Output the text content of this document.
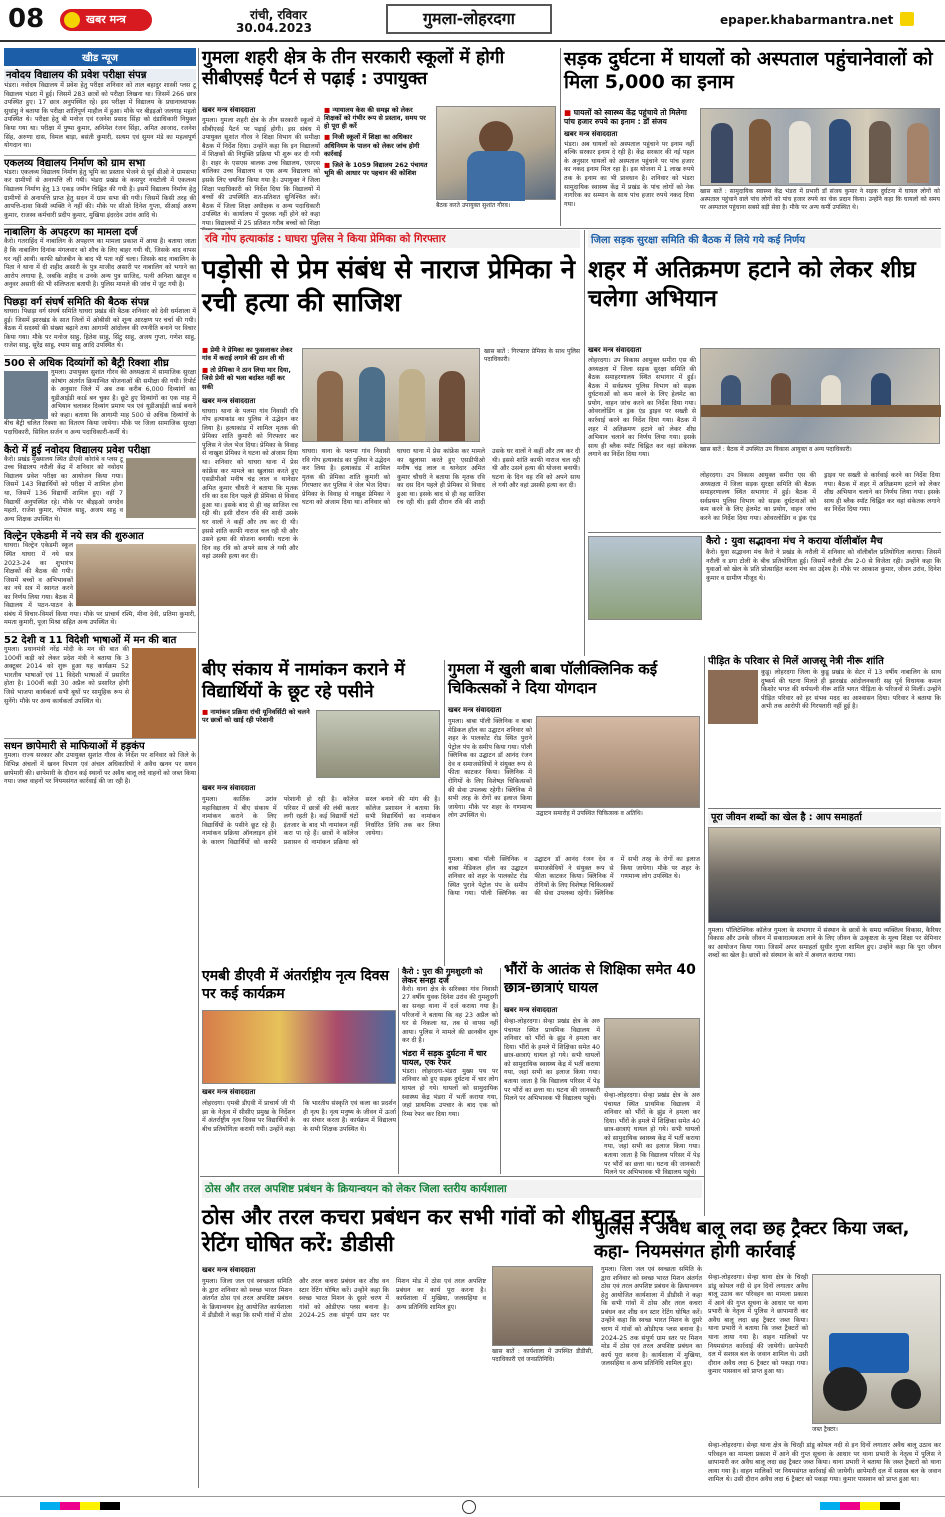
08	खबर मन्त्र	रांची, रविवार
30.04.2023	गुमला-लोहरदगा	epaper.khabarmantra.net
खीड न्यूज
नवोदय विद्यालय की प्रवेश परीक्षा संपन्न
भंडरा। नवोदय विद्यालय में प्रवेश हेतु परीक्षा शनिवार को ताल बहादुर शास्त्री प्लस टू विद्यालय भंडरा में हुई। जिसमें 283 छात्रों को परीक्षा लिखना था। जिसमें 266 छात्र उपस्थित हुए। 17 छात्र अनुपस्थित रहे। इस परीक्षा में विद्यालय के प्रधानाध्यापक सुधांशु ने बताया कि परीक्षा शांतिपूर्ण माहौल में हुआ। मौके पर बीइइओ जलगाह महतो उपस्थित थे। परीक्षा हेतु बी मनोज एवं रजनेश प्रसाद सिंहा को दंडाधिकारी नियुक्त किया गया था। परीक्षा में पुष्पा कुमार, अनिमेश रंजन सिंहा, अमित आजाद, रजनेश सिंह, अरुणा दास, विमल बाड़ा, बसंती कुमारी, सत्यम एवं सुमन मंडे का महत्वपूर्ण योगदान था।
एकलव्य विद्यालय निर्माण को ग्राम सभा
भंडरा। एकलव्य विद्यालय निर्माण हेतु भूमि का प्रस्ताव भेजने से पूर्व सीओ ने ग्रामसभा कर ग्रामीणों से अनापत्ति ली गयी। भंडरा प्रखंड के कसपुर नवटोली में एकलव्य विद्यालय निर्माण हेतु 13 एकड़ जमीन चिह्नित की गयी है। इसमें विद्यालय निर्माण हेतु ग्रामीणों से अनापत्ति प्राप्त हेतु सदन में ग्राम सभा की गयी। जिसमें किसी तरह की आपत्ति-दावा किसी व्यक्ति ने नहीं की। मौके पर सीओ दिनेश गुप्ता, सीआई अरुण कुमार, राजस्व कर्मचारी प्रदीप कुमार, मुखिया इंदरदेव उरांव आदि थे।
नाबालिग के अपहरण का मामला दर्ज
कैरो। गतराहिंद में नाबालिग के अपहरण का मामला प्रकाश में आया है। बताया जाता है कि नाबालिग दिनांक मंगलवार को शौच के लिए बाहर गयी थी, जिसके बाद वापस घर नहीं आयी। काफी खोजबीन के बाद भी पता नहीं चला। जिसके बाद नाबालिग के पिता ने थाना में दी शहीद असारी के पुत्र माजीद असारी पर नाबालिग को भगाने का आरोप लगाया है, जबकि शहीद व उनके अन्य पुत्र साजिद, पत्नी अनिशा खातून व अनुवर असारी की भी संलिप्तता बतायी है। पुलिस मामले की जांच में जुट गयी है।
पिछड़ा वर्ग संघर्ष समिति की बैठक संपन्न
घाघरा। पिछड़ा वर्ग संघर्ष समिति घाघरा प्रखंड की बैठक शनिवार को देवी धर्मशाला में हुई। जिसमें झारखंड के सात जिलों में ओबीसी को शून्य आरक्षण पर चर्चा की गयी। बैठक में सदस्यों की संख्या बढ़ाने तथा आगामी आंदोलन की रणनीति बनाने पर विचार किया गया। मौके पर मनोज साहु, हितेश साहु, सिंटु साहु, अजय गुप्ता, गणेश साहु, राजेश साहु, सुरेंद्र साहु, श्याम साहु आदि उपस्थित थे।
500 से अधिक दिव्यांगों को बैट्री रिक्शा शीघ्र
गुमला। उपायुक्त सुशांत गौरव की अध्यक्षता में सामाजिक सुरक्षा कोषांग अंतर्गत क्रियान्वित योजनाओं की समीक्षा की गयी। रिपोर्ट के अनुसार जिले में अब तक करीब 6,000 दिव्यांगों का यूडीआईडी कार्ड बन चुका है। छूटे हुए दिव्यांगों का एक माह में अभियान चलाकर दिव्यांग प्रमाण पत्र एवं यूडीआईडी कार्ड बनाने को कहा। बताया कि आगामी माह 500 से अधिक दिव्यांगों के बीच बैट्री चलित रिक्शा का वितरण किया जायेगा। मौके पर जिला सामाजिक सुरक्षा पदाधिकारी, सिविल सर्जन व अन्य पदाधिकारी-कर्मी थे।
कैरो में हुई नवोदय विद्यालय प्रवेश परीक्षा
कैरो। प्रखंड मुख्यालय स्थित डीएवी कोरांबे व प्लस टू उच्च विद्यालय नरौली केंद्र में शनिवार को नवोदय विद्यालय प्रवेश परीक्षा का आयोजन किया गया। जिसमें 143 विद्यार्थियों को परीक्षा में शामिल होना था, जिसमें 136 विद्यार्थी शामिल हुए। वहीं 7 विद्यार्थी अनुपस्थित रहे। मौके पर बीइइओ जगदेव महतो, राजेश कुमार, गोपाल साहु, अजय साहु व अन्य शिक्षक उपस्थित थे।
विल्ट्रेन एकेडमी में नये सत्र की शुरुआत
घाघरा। विल्ट्रेन एकेडमी स्कूल स्थित घाघरा में नये सत्र 2023-24 का शुभारंभ शिक्षकों की बैठक की गयी। जिसमें बच्चों व अभिभावकों का नये सत्र में स्वागत करने का निर्णय लिया गया। बैठक में विद्यालय में पठन-पाठन के संबंध में विचार-विमर्श किया गया। मौके पर प्राचार्य रश्मि, मीना देवी, प्रतिमा कुमारी, ममता कुमारी, पूजा मिश्रा सहित अन्य उपस्थित थे।
52 देशी व 11 विदेशी भाषाओं में मन की बात
गुमला। प्रधानमंत्री नरेंद्र मोदी के मन की बात की 100वीं कड़ी को लेकर प्रदेश मंत्री ने बताया कि 3 अक्टूबर 2014 को शुरू हुआ यह कार्यक्रम 52 भारतीय भाषाओं एवं 11 विदेशी भाषाओं में प्रसारित होता है। 100वीं कड़ी 30 अप्रैल को प्रसारित होगी जिसे भाजपा कार्यकर्ता सभी बूथों पर सामूहिक रूप से सुनेंगे। मौके पर अन्य कार्यकर्ता उपस्थित थे।
सधन छापेमारी से माफियाओं में हड़कंप
गुमला। राज्य सरकार और उपायुक्त सुशांत गौरव के निर्देश पर शनिवार को जिले के विभिन्न अंचलों में खनन विभाग एवं अंचल अधिकारियों ने अवैध खनन पर सघन छापेमारी की। छापेमारी के दौरान कई स्थानों पर अवैध बालू लदे वाहनों को जब्त किया गया। जब्त वाहनों पर नियमसंगत कार्रवाई की जा रही है।
गुमला शहरी क्षेत्र के तीन सरकारी स्कूलों में होगी सीबीएसई पैटर्न से पढ़ाई : उपायुक्त
खबर मन्त्र संवाददाता
गुमला। गुमला शहरी क्षेत्र के तीन सरकारी स्कूलों में सीबीएसई पैटर्न पर पढ़ाई होगी। इस संबंध में उपायुक्त सुशांत गौरव ने शिक्षा विभाग की समीक्षा बैठक में निर्देश दिया। उन्होंने कहा कि इन विद्यालयों में शिक्षकों की नियुक्ति प्रक्रिया भी शुरू कर दी गयी है। शहर के एसएस बालक उच्च विद्यालय, एसएस बालिका उच्च विद्यालय व एक अन्य विद्यालय को इसके लिए चयनित किया गया है। उपायुक्त ने जिला शिक्षा पदाधिकारी को निर्देश दिया कि विद्यालयों में बच्चों की उपस्थिति शत-प्रतिशत सुनिश्चित करें। बैठक में जिला शिक्षा अधीक्षक व अन्य पदाधिकारी उपस्थित थे। कार्यालय में पुस्तक नहीं होने को कहा गया। विद्यालयों में 25 प्रतिशत गरीब बच्चों को शिक्षा
■ न्यायालय केस की समझ को लेकर शिक्षकों को गंभीर रूप से प्रस्ताव, समय पर हो पूरा ही करें
■ निजी स्कूलों में शिक्षा का अधिकार अधिनियम के पालन को लेकर जांच होगी कार्रवाई
■ जिले के 1059 विद्यालय 262 पंचायत भूमि की आधार पर पहचान की कोशिश
बैठक करते उपायुक्त सुशांत गौरव।
सड़क दुर्घटना में घायलों को अस्पताल पहुंचानेवालों को मिला 5,000 का इनाम
■ घायलों को स्वास्थ्य केंद्र पहुंचाये तो मिलेगा पांच हजार रुपये का इनाम : डॉ संजय
खबर मन्त्र संवाददाता
भंडरा। अब घायलों को अस्पताल पहुंचाने पर इनाम नहीं बल्कि सरकार इनाम दे रही है। केंद्र सरकार की नई पहल के अनुसार घायलों को अस्पताल पहुंचाने पर पांच हजार का नकद इनाम मिल रहा है। इस योजना में 1 लाख रुपये तक के इनाम का भी प्रावधान है। शनिवार को भंडरा सामुदायिक स्वास्थ्य केंद्र में प्रखंड के पांच लोगों को नेक नागरिक का सम्मान के साथ पांच हजार रुपये नकद दिया गया।
खास बातें : सामुदायिक स्वास्थ्य केंद्र भंडरा में प्रभारी डॉ संजय कुमार ने सड़क दुर्घटना में घायल लोगों को अस्पताल पहुंचाने वाले पांच लोगों को पांच हजार रुपये का चेक प्रदान किया। उन्होंने कहा कि घायलों को समय पर अस्पताल पहुंचाना सबसे बड़ी सेवा है। मौके पर अन्य कर्मी उपस्थित थे।
रवि गोप हत्याकांड : घाघरा पुलिस ने किया प्रेमिका को गिरफ्तार
पड़ोसी से प्रेम संबंध से नाराज प्रेमिका ने रची हत्या की साजिश
■ प्रेमी ने प्रेमिका का फुसलाकर लेकर गांव में कराई लगाने की ठान ली थी
■ तो प्रेमिका ने ठान लिया मार दिया, जिसे प्रेमी को भला बर्दाश्त नहीं कर सकी
खबर मन्त्र संवाददाता
घाघरा। थाना के पलमा गांव निवासी रवि गोप हत्याकांड का पुलिस ने उद्भेदन कर लिया है। हत्याकांड में शामिल मृतक की प्रेमिका शांति कुमारी को गिरफ्तार कर पुलिस ने जेल भेज दिया। प्रेमिका के विवाह से नाखुश प्रेमिका ने घटना को अंजाम दिया था। शनिवार को घाघरा थाना में प्रेस कांफ्रेंस कर मामले का खुलासा करते हुए एसडीपीओ मनीष चंद्र लाल व थानेदार अमित कुमार चौधरी ने बताया कि मृतक रवि का दस दिन पहले ही प्रेमिका से विवाद हुआ था। इसके बाद से ही वह साजिश रच रही थी। इसी दौरान रवि की शादी उसके घर वालों ने कहीं और तय कर दी थी। इससे शांति काफी नाराज चल रही थी और उसने हत्या की योजना बनायी। घटना के दिन वह रवि को अपने साथ ले गयी और वहां उसकी हत्या कर दी।
खास बातें : गिरफ्तार प्रेमिका के साथ पुलिस पदाधिकारी।
घाघरा। थाना के पलमा गांव निवासी रवि गोप हत्याकांड का पुलिस ने उद्भेदन कर लिया है। हत्याकांड में शामिल मृतक की प्रेमिका शांति कुमारी को गिरफ्तार कर पुलिस ने जेल भेज दिया। प्रेमिका के विवाह से नाखुश प्रेमिका ने घटना को अंजाम दिया था। शनिवार को घाघरा थाना में प्रेस कांफ्रेंस कर मामले का खुलासा करते हुए एसडीपीओ मनीष चंद्र लाल व थानेदार अमित कुमार चौधरी ने बताया कि मृतक रवि का दस दिन पहले ही प्रेमिका से विवाद हुआ था। इसके बाद से ही वह साजिश रच रही थी। इसी दौरान रवि की शादी उसके घर वालों ने कहीं और तय कर दी थी। इससे शांति काफी नाराज चल रही थी और उसने हत्या की योजना बनायी। घटना के दिन वह रवि को अपने साथ ले गयी और वहां उसकी हत्या कर दी।
जिला सड़क सुरक्षा समिति की बैठक में लिये गये कई निर्णय
शहर में अतिक्रमण हटाने को लेकर शीघ्र चलेगा अभियान
खबर मन्त्र संवाददाता
लोहरदगा। उप विकास आयुक्त समीरा एस की अध्यक्षता में जिला सड़क सुरक्षा समिति की बैठक समाहरणालय स्थित सभागार में हुई। बैठक में सर्वप्रथम पुलिस विभाग को सड़क दुर्घटनाओं को कम करने के लिए हेलमेट का प्रयोग, वाहन जांच करने का निर्देश दिया गया। ओवरलोडिंग व ड्रंक एंड ड्राइव पर सख्ती से कार्रवाई करने का निर्देश दिया गया। बैठक में शहर में अतिक्रमण हटाने को लेकर शीघ्र अभियान चलाने का निर्णय लिया गया। इसके साथ ही ब्लैक स्पॉट चिह्नित कर वहां संकेतक लगाने का निर्देश दिया गया।
खास बातें : बैठक में उपस्थित उप विकास आयुक्त व अन्य पदाधिकारी।
लोहरदगा। उप विकास आयुक्त समीरा एस की अध्यक्षता में जिला सड़क सुरक्षा समिति की बैठक समाहरणालय स्थित सभागार में हुई। बैठक में सर्वप्रथम पुलिस विभाग को सड़क दुर्घटनाओं को कम करने के लिए हेलमेट का प्रयोग, वाहन जांच करने का निर्देश दिया गया। ओवरलोडिंग व ड्रंक एंड ड्राइव पर सख्ती से कार्रवाई करने का निर्देश दिया गया। बैठक में शहर में अतिक्रमण हटाने को लेकर शीघ्र अभियान चलाने का निर्णय लिया गया। इसके साथ ही ब्लैक स्पॉट चिह्नित कर वहां संकेतक लगाने का निर्देश दिया गया।
कैरो : युवा सद्भावना मंच ने कराया वॉलीबॉल मैच
कैरो। युवा सद्भावना मंच कैरो ने प्रखंड के नरौली में शनिवार को वॉलीबॉल प्रतियोगिता कराया। जिसमें नरौली व डगा टोली के बीच प्रतियोगिता हुई। जिसमें नरौली टीम 2-0 से विजेता रही। उन्होंने कहा कि युवाओं को खेल के प्रति प्रोत्साहित करना मंच का उद्देश्य है। मौके पर आकाश कुमार, जीवन उरांव, दिनेश कुमार व ग्रामीण मौजूद थे।
बीए संकाय में नामांकन कराने में विद्यार्थियों के छूट रहे पसीने
■ नामांकन प्रक्रिया रांची यूनिवर्सिटी को चलने पर छात्रों को खाई रही परेशानी
खबर मन्त्र संवाददाता
गुमला। कार्तिक उरांव महाविद्यालय में बीए संकाय में नामांकन कराने के लिए विद्यार्थियों के पसीने छूट रहे हैं। नामांकन प्रक्रिया ऑनलाइन होने के कारण विद्यार्थियों को काफी परेशानी हो रही है। कॉलेज परिसर में छात्रों की लंबी कतार लगी रहती है। कई विद्यार्थी घंटों इंतजार के बाद भी नामांकन नहीं करा पा रहे हैं। छात्रों ने कॉलेज प्रशासन से नामांकन प्रक्रिया को सरल बनाने की मांग की है। कॉलेज प्रशासन ने बताया कि सभी विद्यार्थियों का नामांकन निर्धारित तिथि तक कर लिया जायेगा।
गुमला में खुली बाबा पॉलीक्लिनिक कई चिकित्सकों ने दिया योगदान
खबर मन्त्र संवाददाता
गुमला। बाबा पॉली क्लिनिक व बाबा मेडिकल हॉल का उद्घाटन शनिवार को शहर के पालकोट रोड स्थित पुराने पेट्रोल पंप के समीप किया गया। पॉली क्लिनिक का उद्घाटन डॉ आनंद रंजन देव व समाजसेवियों ने संयुक्त रूप से फीता काटकर किया। क्लिनिक में रोगियों के लिए विशेषज्ञ चिकित्सकों की सेवा उपलब्ध रहेगी। क्लिनिक में सभी तरह के रोगों का इलाज किया जायेगा। मौके पर शहर के गणमान्य लोग उपस्थित थे।	उद्घाटन समारोह में उपस्थित चिकित्सक व अतिथि।
गुमला। बाबा पॉली क्लिनिक व बाबा मेडिकल हॉल का उद्घाटन शनिवार को शहर के पालकोट रोड स्थित पुराने पेट्रोल पंप के समीप किया गया। पॉली क्लिनिक का उद्घाटन डॉ आनंद रंजन देव व समाजसेवियों ने संयुक्त रूप से फीता काटकर किया। क्लिनिक में रोगियों के लिए विशेषज्ञ चिकित्सकों की सेवा उपलब्ध रहेगी। क्लिनिक में सभी तरह के रोगों का इलाज किया जायेगा। मौके पर शहर के गणमान्य लोग उपस्थित थे।
पीड़ित के परिवार से मिलें आजसू नेत्री नीरू शांति
कुडू। लोहरदगा जिला के कुडू प्रखंड के सेटर में 13 वर्षीय नाबालिग के साथ दुष्कर्म की घटना मिलते ही झारखंड आंदोलनकारी सह पूर्व विधायक कमल किशोर भगत की धर्मपत्नी नीरू शांति भगत पीड़िता के परिजनों से मिलीं। उन्होंने पीड़ित परिवार को हर संभव मदद का आश्वासन दिया। परिवार ने बताया कि अभी तक आरोपी की गिरफ्तारी नहीं हुई है।
पूरा जीवन शब्दों का खेल है : आप समाहर्ता
गुमला। पॉलिटेक्निक कॉलेज गुमला के सभागार में संस्थान के छात्रों के समग्र व्यक्तित्व विकास, कैरियर विकास और उनके जीवन में सकारात्मकता लाने के लिए जीवन के उत्कृष्टता के मूल्य शिक्षा पर सेमिनार का आयोजन किया गया। जिसमें अपर समाहर्ता सुधीर गुप्ता शामिल हुए। उन्होंने कहा कि पूरा जीवन शब्दों का खेल है। छात्रों को संस्थान के बारे में अवगत कराया गया।
एमबी डीएवी में अंतर्राष्ट्रीय नृत्य दिवस पर कई कार्यक्रम
खबर मन्त्र संवाददाता
लोहरदगा। एमबी डीएवी में प्राचार्य जी पी झा के नेतृत्व में सीसीए प्रमुख के निर्देशन में अंतर्राष्ट्रीय नृत्य दिवस पर विद्यार्थियों के बीच प्रतियोगिता करायी गयी। उन्होंने कहा कि भारतीय संस्कृति एवं कला का प्रदर्शन ही नृत्य है। नृत्य मनुष्य के जीवन में ऊर्जा का संचार करता है। कार्यक्रम में विद्यालय के सभी शिक्षक उपस्थित थे।
कैरो : पुरा की गुमशुदगी को लेकर सनहा दर्ज
कैरो। थाना क्षेत्र के सरिक्का गांव निवासी 27 वर्षीय युवक दिनेश उरांव की गुमशुदगी का सनहा थाना में दर्ज कराया गया है। परिजनों ने बताया कि वह 23 अप्रैल को घर से निकला था, तब से वापस नहीं आया। पुलिस ने मामले की छानबीन शुरू कर दी है।
भंडरा में सड़क दुर्घटना में चार घायल, एक रेफर
भंडरा। लोहरदगा-भंडरा मुख्य पथ पर शनिवार को हुए सड़क दुर्घटना में चार लोग घायल हो गये। घायलों को सामुदायिक स्वास्थ्य केंद्र भंडरा में भर्ती कराया गया, जहां प्राथमिक उपचार के बाद एक को रिम्स रेफर कर दिया गया।
भौंरों के आतंक से शिक्षिका समेत 40 छात्र-छात्राएं घायल
खबर मन्त्र संवाददाता
सेन्हा-लोहरदगा। सेन्हा प्रखंड क्षेत्र के अरु पंचायत स्थित प्राथमिक विद्यालय में शनिवार को भौंरों के झुंड ने हमला कर दिया। भौंरों के हमले में शिक्षिका समेत 40 छात्र-छात्राएं घायल हो गये। सभी घायलों को सामुदायिक स्वास्थ्य केंद्र में भर्ती कराया गया, जहां सभी का इलाज किया गया। बताया जाता है कि विद्यालय परिसर में पेड़ पर भौंरों का छत्ता था। घटना की जानकारी मिलने पर अभिभावक भी विद्यालय पहुंचे।	सेन्हा-लोहरदगा। सेन्हा प्रखंड क्षेत्र के अरु पंचायत स्थित प्राथमिक विद्यालय में शनिवार को भौंरों के झुंड ने हमला कर दिया। भौंरों के हमले में शिक्षिका समेत 40 छात्र-छात्राएं घायल हो गये। सभी घायलों को सामुदायिक स्वास्थ्य केंद्र में भर्ती कराया गया, जहां सभी का इलाज किया गया। बताया जाता है कि विद्यालय परिसर में पेड़ पर भौंरों का छत्ता था। घटना की जानकारी मिलने पर अभिभावक भी विद्यालय पहुंचे।
ठोस और तरल अपशिष्ट प्रबंधन के क्रियान्वयन को लेकर जिला स्तरीय कार्यशाला
ठोस और तरल कचरा प्रबंधन कर सभी गांवों को शीघ्र वन स्टार रेटिंग घोषित करें: डीडीसी
खबर मन्त्र संवाददाता
गुमला। जिला जल एवं स्वच्छता समिति के द्वारा शनिवार को स्वच्छ भारत मिशन अंतर्गत ठोस एवं तरल अपशिष्ट प्रबंधन के क्रियान्वयन हेतु आयोजित कार्यशाला में डीडीसी ने कहा कि सभी गांवों में ठोस और तरल कचरा प्रबंधन कर शीघ्र वन स्टार रेटिंग घोषित करें। उन्होंने कहा कि स्वच्छ भारत मिशन के दूसरे चरण में गांवों को ओडीएफ प्लस बनाना है। 2024-25 तक संपूर्ण ग्राम स्तर पर मिशन मोड में ठोस एवं तरल अपशिष्ट प्रबंधन का कार्य पूरा करना है। कार्यशाला में मुखिया, जलसहिया व अन्य प्रतिनिधि शामिल हुए।
खास बातें : कार्यशाला में उपस्थित डीडीसी, पदाधिकारी एवं जनप्रतिनिधि।
गुमला। जिला जल एवं स्वच्छता समिति के द्वारा शनिवार को स्वच्छ भारत मिशन अंतर्गत ठोस एवं तरल अपशिष्ट प्रबंधन के क्रियान्वयन हेतु आयोजित कार्यशाला में डीडीसी ने कहा कि सभी गांवों में ठोस और तरल कचरा प्रबंधन कर शीघ्र वन स्टार रेटिंग घोषित करें। उन्होंने कहा कि स्वच्छ भारत मिशन के दूसरे चरण में गांवों को ओडीएफ प्लस बनाना है। 2024-25 तक संपूर्ण ग्राम स्तर पर मिशन मोड में ठोस एवं तरल अपशिष्ट प्रबंधन का कार्य पूरा करना है। कार्यशाला में मुखिया, जलसहिया व अन्य प्रतिनिधि शामिल हुए।
पुलिस ने अवैध बालू लदा छह ट्रैक्टर किया जब्त, कहा- नियमसंगत होगी कार्रवाई
सेन्हा-लोहरदगा। सेन्हा थाना क्षेत्र के चिरही डांडू कोयल नदी से इन दिनों लगातार अवैध बालू उठाव कर परिवहन का मामला प्रकाश में आने की गुप्त सूचना के आधार पर थाना प्रभारी के नेतृत्व में पुलिस ने छापामारी कर अवैध बालू लदा छह ट्रैक्टर जब्त किया। थाना प्रभारी ने बताया कि जब्त ट्रैक्टरों को थाना लाया गया है। वाहन मालिकों पर नियमसंगत कार्रवाई की जायेगी। छापेमारी दल में सशस्त्र बल के जवान शामिल थे। उसी दौरान अवैध लदा 6 ट्रैक्टर को पकड़ा गया। कुमार पासवान को प्राप्त हुआ था।
जब्त ट्रैक्टर।
सेन्हा-लोहरदगा। सेन्हा थाना क्षेत्र के चिरही डांडू कोयल नदी से इन दिनों लगातार अवैध बालू उठाव कर परिवहन का मामला प्रकाश में आने की गुप्त सूचना के आधार पर थाना प्रभारी के नेतृत्व में पुलिस ने छापामारी कर अवैध बालू लदा छह ट्रैक्टर जब्त किया। थाना प्रभारी ने बताया कि जब्त ट्रैक्टरों को थाना लाया गया है। वाहन मालिकों पर नियमसंगत कार्रवाई की जायेगी। छापेमारी दल में सशस्त्र बल के जवान शामिल थे। उसी दौरान अवैध लदा 6 ट्रैक्टर को पकड़ा गया। कुमार पासवान को प्राप्त हुआ था।
